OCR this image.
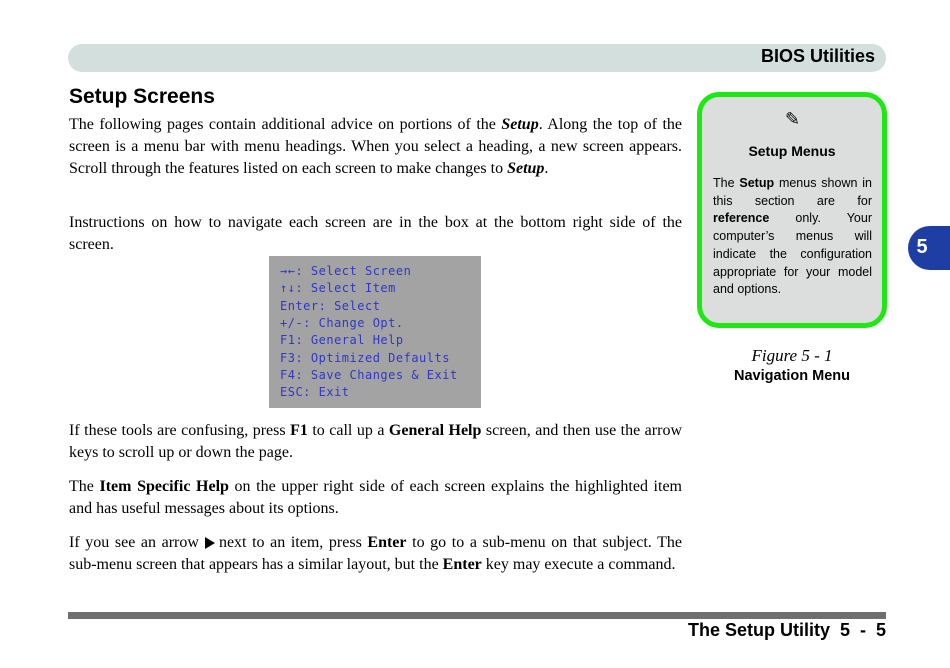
BIOS Utilities
Setup Screens
The following pages contain additional advice on portions of the Setup. Along the top of the screen is a menu bar with menu headings. When you select a heading, a new screen appears. Scroll through the features listed on each screen to make changes to Setup.
Instructions on how to navigate each screen are in the box at the bottom right side of the screen.
→←: Select Screen
↑↓: Select Item
Enter: Select
+/-: Change Opt.
F1: General Help
F3: Optimized Defaults
F4: Save Changes & Exit
ESC: Exit
If these tools are confusing, press F1 to call up a General Help screen, and then use the arrow keys to scroll up or down the page.
The Item Specific Help on the upper right side of each screen explains the highlighted item and has useful messages about its options.
If you see an arrow next to an item, press Enter to go to a sub-menu on that subject. The sub-menu screen that appears has a similar layout, but the Enter key may execute a command.
✎
Setup Menus
The Setup menus shown in this section are for reference only. Your computer’s menus will indicate the configuration appropriate for your model and options.
Figure 5 - 1
Navigation Menu
5
The Setup Utility  5  -  5
